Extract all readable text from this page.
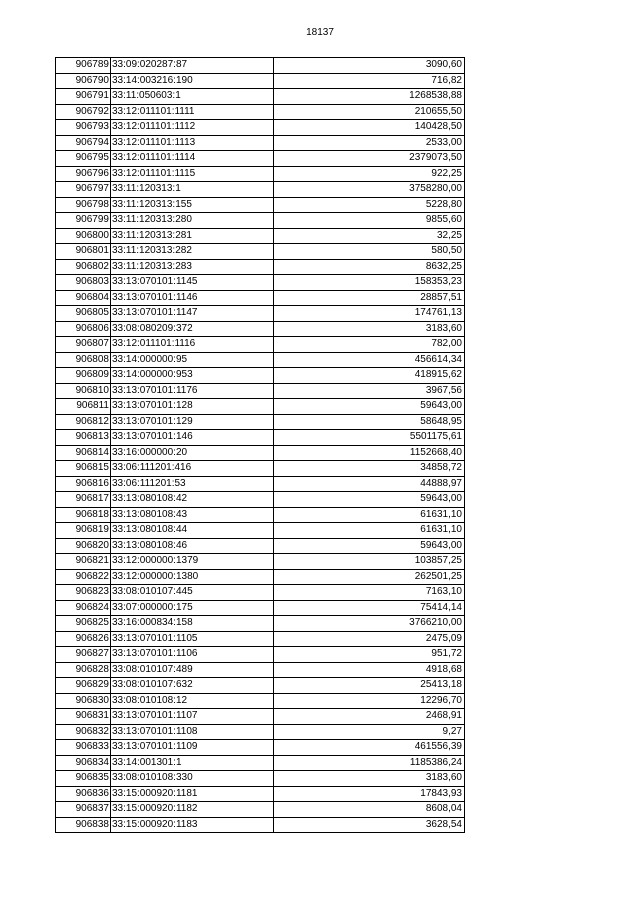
18137
906789	33:09:020287:87	3090,60
906790	33:14:003216:190	716,82
906791	33:11:050603:1	1268538,88
906792	33:12:011101:1111	210655,50
906793	33:12:011101:1112	140428,50
906794	33:12:011101:1113	2533,00
906795	33:12:011101:1114	2379073,50
906796	33:12:011101:1115	922,25
906797	33:11:120313:1	3758280,00
906798	33:11:120313:155	5228,80
906799	33:11:120313:280	9855,60
906800	33:11:120313:281	32,25
906801	33:11:120313:282	580,50
906802	33:11:120313:283	8632,25
906803	33:13:070101:1145	158353,23
906804	33:13:070101:1146	28857,51
906805	33:13:070101:1147	174761,13
906806	33:08:080209:372	3183,60
906807	33:12:011101:1116	782,00
906808	33:14:000000:95	456614,34
906809	33:14:000000:953	418915,62
906810	33:13:070101:1176	3967,56
906811	33:13:070101:128	59643,00
906812	33:13:070101:129	58648,95
906813	33:13:070101:146	5501175,61
906814	33:16:000000:20	1152668,40
906815	33:06:111201:416	34858,72
906816	33:06:111201:53	44888,97
906817	33:13:080108:42	59643,00
906818	33:13:080108:43	61631,10
906819	33:13:080108:44	61631,10
906820	33:13:080108:46	59643,00
906821	33:12:000000:1379	103857,25
906822	33:12:000000:1380	262501,25
906823	33:08:010107:445	7163,10
906824	33:07:000000:175	75414,14
906825	33:16:000834:158	3766210,00
906826	33:13:070101:1105	2475,09
906827	33:13:070101:1106	951,72
906828	33:08:010107:489	4918,68
906829	33:08:010107:632	25413,18
906830	33:08:010108:12	12296,70
906831	33:13:070101:1107	2468,91
906832	33:13:070101:1108	9,27
906833	33:13:070101:1109	461556,39
906834	33:14:001301:1	1185386,24
906835	33:08:010108:330	3183,60
906836	33:15:000920:1181	17843,93
906837	33:15:000920:1182	8608,04
906838	33:15:000920:1183	3628,54
